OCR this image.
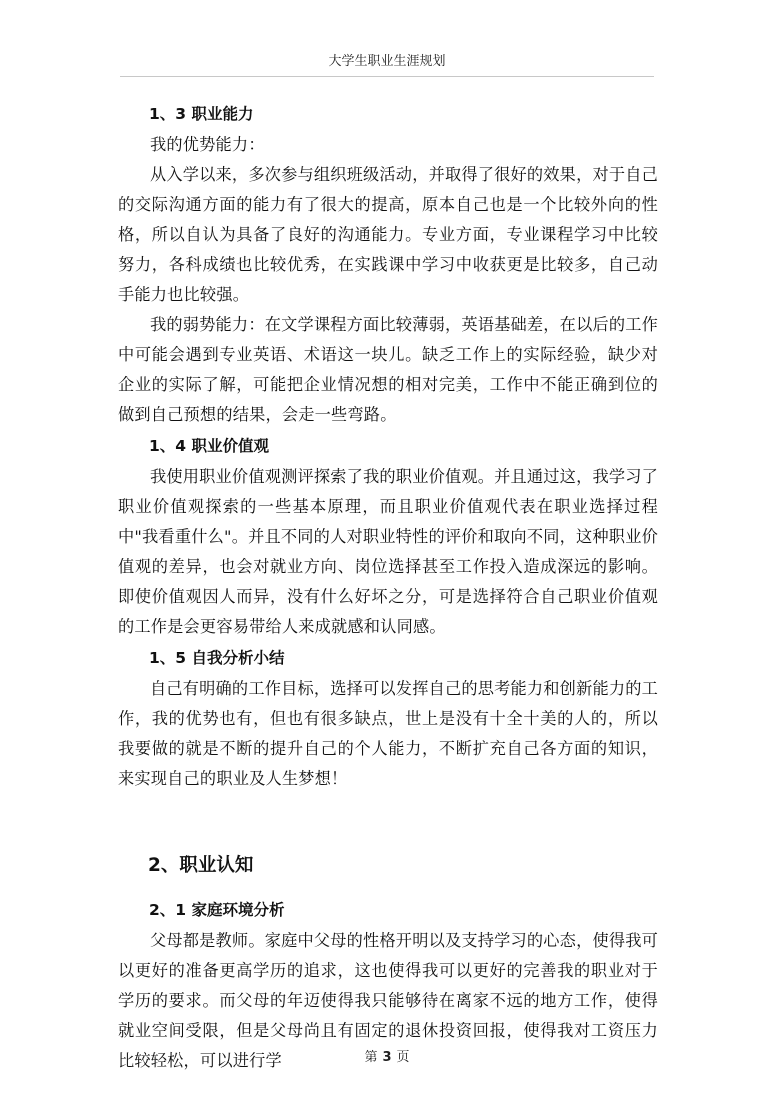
大学生职业生涯规划
1、3 职业能力

我的优势能力：

从入学以来，多次参与组织班级活动，并取得了很好的效果，对于自己的交际沟通方面的能力有了很大的提高，原本自己也是一个比较外向的性格，所以自认为具备了良好的沟通能力。专业方面，专业课程学习中比较努力，各科成绩也比较优秀，在实践课中学习中收获更是比较多，自己动手能力也比较强。

我的弱势能力：在文学课程方面比较薄弱，英语基础差，在以后的工作中可能会遇到专业英语、术语这一块儿。缺乏工作上的实际经验，缺少对企业的实际了解，可能把企业情况想的相对完美，工作中不能正确到位的做到自己预想的结果，会走一些弯路。

1、4 职业价值观

我使用职业价值观测评探索了我的职业价值观。并且通过这，我学习了职业价值观探索的一些基本原理，而且职业价值观代表在职业选择过程中"我看重什么"。并且不同的人对职业特性的评价和取向不同，这种职业价值观的差异，也会对就业方向、岗位选择甚至工作投入造成深远的影响。即使价值观因人而异，没有什么好坏之分，可是选择符合自己职业价值观的工作是会更容易带给人来成就感和认同感。

1、5 自我分析小结

自己有明确的工作目标，选择可以发挥自己的思考能力和创新能力的工作，我的优势也有，但也有很多缺点，世上是没有十全十美的人的，所以我要做的就是不断的提升自己的个人能力，不断扩充自己各方面的知识，来实现自己的职业及人生梦想！

2、职业认知
2、1 家庭环境分析

父母都是教师。家庭中父母的性格开明以及支持学习的心态，使得我可以更好的准备更高学历的追求，这也使得我可以更好的完善我的职业对于学历的要求。而父母的年迈使得我只能够待在离家不远的地方工作，使得就业空间受限，但是父母尚且有固定的退休投资回报，使得我对工资压力比较轻松，可以进行学	第 3 页
